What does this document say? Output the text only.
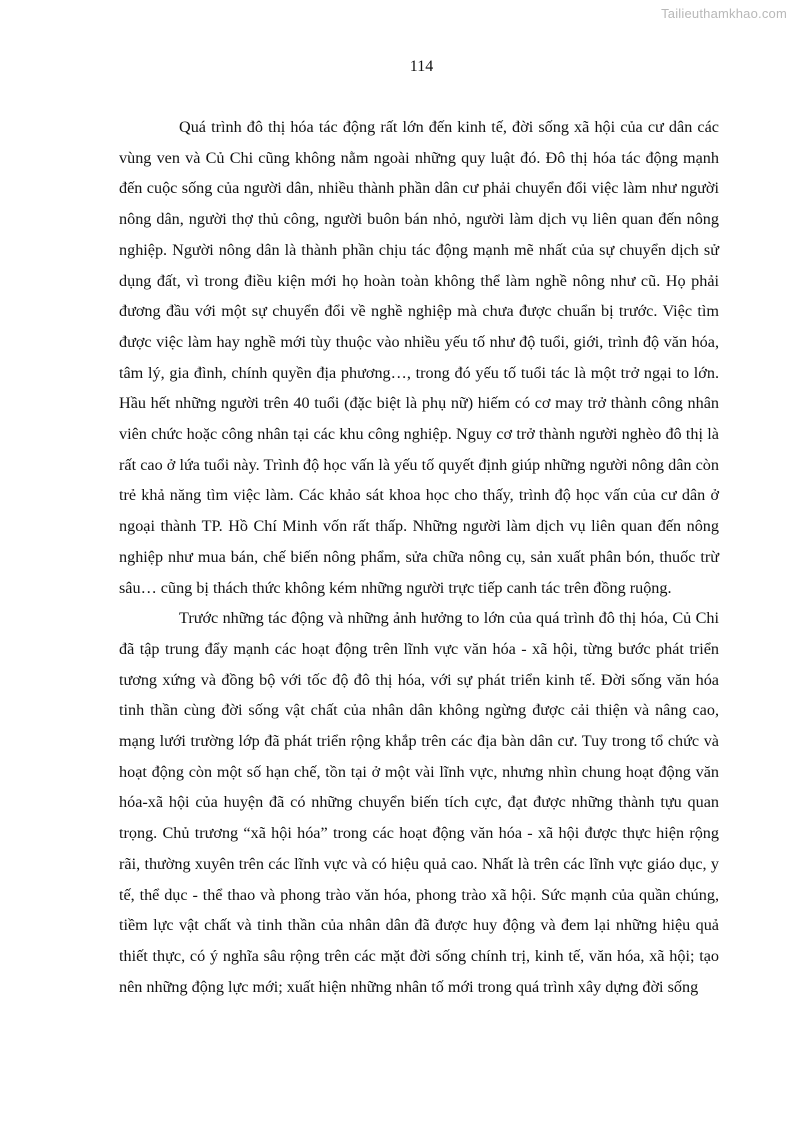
Tailieuthamkhao.com
114

Quá trình đô thị hóa tác động rất lớn đến kinh tế, đời sống xã hội của cư dân các vùng ven và Củ Chi cũng không nằm ngoài những quy luật đó. Đô thị hóa tác động mạnh đến cuộc sống của người dân, nhiều thành phần dân cư phải chuyển đổi việc làm như người nông dân, người thợ thủ công, người buôn bán nhỏ, người làm dịch vụ liên quan đến nông nghiệp. Người nông dân là thành phần chịu tác động mạnh mẽ nhất của sự chuyển dịch sử dụng đất, vì trong điều kiện mới họ hoàn toàn không thể làm nghề nông như cũ. Họ phải đương đầu với một sự chuyển đổi về nghề nghiệp mà chưa được chuẩn bị trước. Việc tìm được việc làm hay nghề mới tùy thuộc vào nhiều yếu tố như độ tuổi, giới, trình độ văn hóa, tâm lý, gia đình, chính quyền địa phương…, trong đó yếu tố tuổi tác là một trở ngại to lớn. Hầu hết những người trên 40 tuổi (đặc biệt là phụ nữ) hiếm có cơ may trở thành công nhân viên chức hoặc công nhân tại các khu công nghiệp. Nguy cơ trở thành người nghèo đô thị là rất cao ở lứa tuổi này. Trình độ học vấn là yếu tố quyết định giúp những người nông dân còn trẻ khả năng tìm việc làm. Các khảo sát khoa học cho thấy, trình độ học vấn của cư dân ở ngoại thành TP. Hồ Chí Minh vốn rất thấp. Những người làm dịch vụ liên quan đến nông nghiệp như mua bán, chế biến nông phẩm, sửa chữa nông cụ, sản xuất phân bón, thuốc trừ sâu… cũng bị thách thức không kém những người trực tiếp canh tác trên đồng ruộng.

Trước những tác động và những ảnh hưởng to lớn của quá trình đô thị hóa, Củ Chi đã tập trung đẩy mạnh các hoạt động trên lĩnh vực văn hóa - xã hội, từng bước phát triển tương xứng và đồng bộ với tốc độ đô thị hóa, với sự phát triển kinh tế. Đời sống văn hóa tinh thần cùng đời sống vật chất của nhân dân không ngừng được cải thiện và nâng cao, mạng lưới trường lớp đã phát triển rộng khắp trên các địa bàn dân cư. Tuy trong tổ chức và hoạt động còn một số hạn chế, tồn tại ở một vài lĩnh vực, nhưng nhìn chung hoạt động văn hóa-xã hội của huyện đã có những chuyển biến tích cực, đạt được những thành tựu quan trọng. Chủ trương “xã hội hóa” trong các hoạt động văn hóa - xã hội được thực hiện rộng rãi, thường xuyên trên các lĩnh vực và có hiệu quả cao. Nhất là trên các lĩnh vực giáo dục, y tế, thể dục - thể thao và phong trào văn hóa, phong trào xã hội. Sức mạnh của quần chúng, tiềm lực vật chất và tinh thần của nhân dân đã được huy động và đem lại những hiệu quả thiết thực, có ý nghĩa sâu rộng trên các mặt đời sống chính trị, kinh tế, văn hóa, xã hội; tạo nên những động lực mới; xuất hiện những nhân tố mới trong quá trình xây dựng đời sống
